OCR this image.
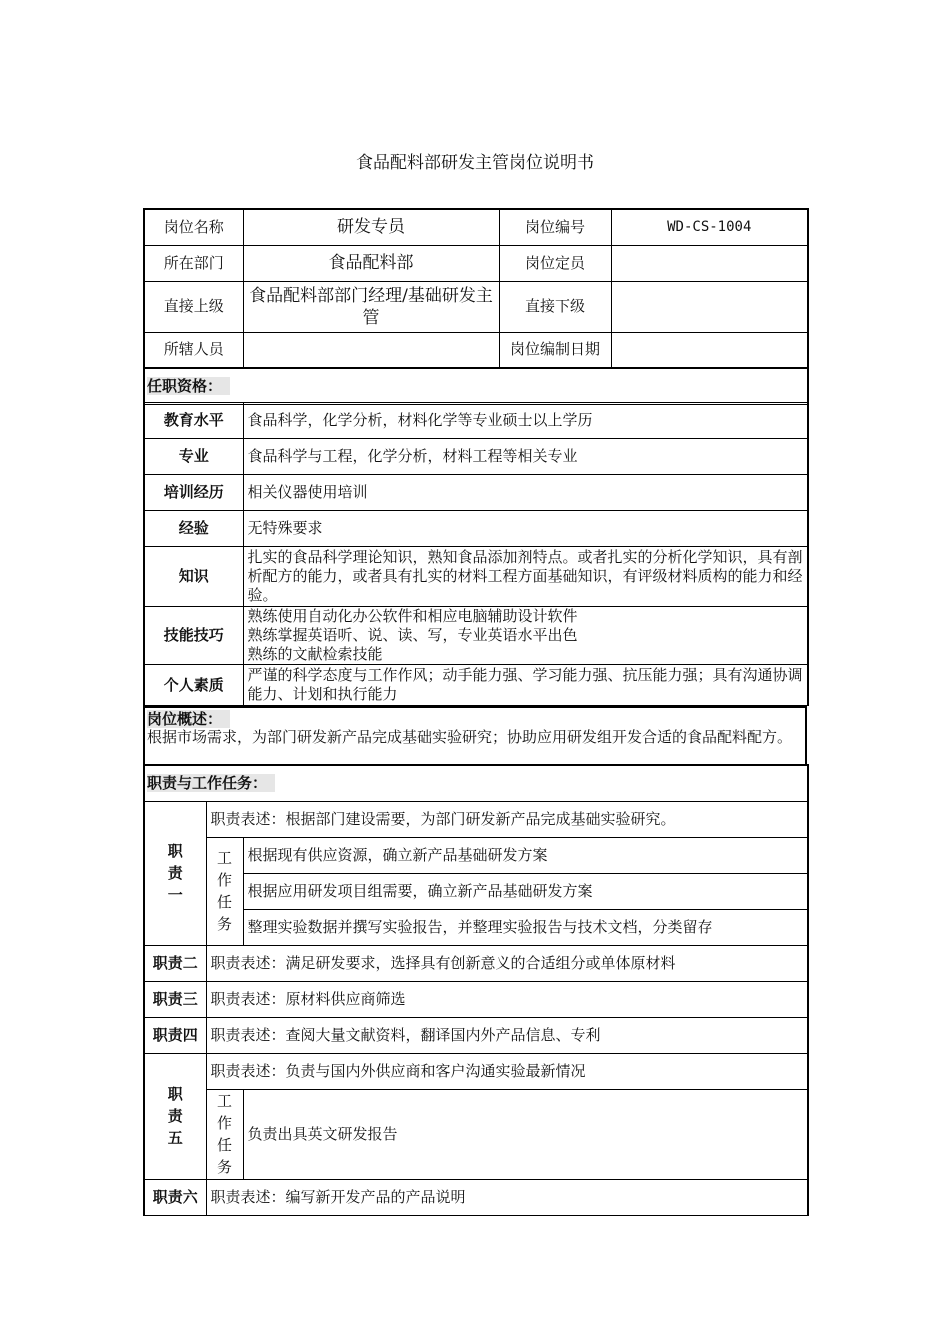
食品配料部研发主管岗位说明书
岗位名称	研发专员	岗位编号	WD-CS-1004
所在部门	食品配料部	岗位定员	
直接上级	食品配料部部门经理/基础研发主管	直接下级	
所辖人员		岗位编制日期	
任职资格：			

教育水平	食品科学，化学分析，材料化学等专业硕士以上学历
专业	食品科学与工程，化学分析，材料工程等相关专业
培训经历	相关仪器使用培训
经验	无特殊要求
知识	扎实的食品科学理论知识，熟知食品添加剂特点。或者扎实的分析化学知识，具有剖析配方的能力，或者具有扎实的材料工程方面基础知识，有评级材料质构的能力和经验。
技能技巧	熟练使用自动化办公软件和相应电脑辅助设计软件
熟练掌握英语听、说、读、写，专业英语水平出色
熟练的文献检索技能

个人素质	严谨的科学态度与工作作风；动手能力强、学习能力强、抗压能力强；具有沟通协调能力、计划和执行能力
岗位概述：
根据市场需求，为部门研发新产品完成基础实验研究；协助应用研发组开发合适的食品配料配方。
职责与工作任务：		

职
责
一	职责表述：根据部门建设需要，为部门研发新产品完成基础实验研究。	

	工
作
任
务	根据现有供应资源，确立新产品基础研发方案
		根据应用研发项目组需要，确立新产品基础研发方案
		整理实验数据并撰写实验报告，并整理实验报告与技术文档，分类留存
职责二	职责表述：满足研发要求，选择具有创新意义的合适组分或单体原材料	
职责三	职责表述：原材料供应商筛选	
职责四	职责表述：查阅大量文献资料，翻译国内外产品信息、专利	

职
责
五	职责表述：负责与国内外供应商和客户沟通实验最新情况	

	工
作
任
务	负责出具英文研发报告
职责六	职责表述：编写新开发产品的产品说明	
